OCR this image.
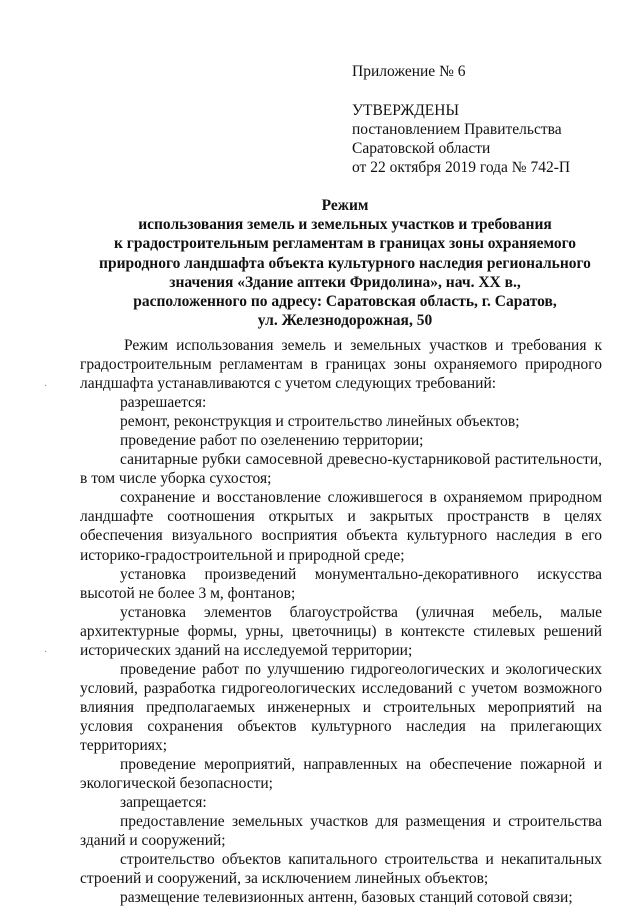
Приложение № 6
УТВЕРЖДЕНЫ
постановлением Правительства
Саратовской области
от 22 октября 2019 года № 742-П
Режим
использования земель и земельных участков и требования
к градостроительным регламентам в границах зоны охраняемого
природного ландшафта объекта культурного наследия регионального
значения «Здание аптеки Фридолина», нач. XX в.,
расположенного по адресу: Саратовская область, г. Саратов,
ул. Железнодорожная, 50

Режим использования земель и земельных участков и требования к градостроительным регламентам в границах зоны охраняемого природного ландшафта устанавливаются с учетом следующих требований:

разрешается:

ремонт, реконструкция и строительство линейных объектов;

проведение работ по озеленению территории;

санитарные рубки самосевной древесно-кустарниковой растительности, в том числе уборка сухостоя;

сохранение и восстановление сложившегося в охраняемом природном ландшафте соотношения открытых и закрытых пространств в целях обеспечения визуального восприятия объекта культурного наследия в его историко-градостроительной и природной среде;

установка произведений монументально-декоративного искусства высотой не более 3 м, фонтанов;

установка элементов благоустройства (уличная мебель, малые архитектурные формы, урны, цветочницы) в контексте стилевых решений исторических зданий на исследуемой территории;

проведение работ по улучшению гидрогеологических и экологических условий, разработка гидрогеологических исследований с учетом возможного влияния предполагаемых инженерных и строительных мероприятий на условия сохранения объектов культурного наследия на прилегающих территориях;

проведение мероприятий, направленных на обеспечение пожарной и экологической безопасности;

запрещается:

предоставление земельных участков для размещения и строительства зданий и сооружений;

строительство объектов капитального строительства и некапитальных строений и сооружений, за исключением линейных объектов;

размещение телевизионных антенн, базовых станций сотовой связи;

·
·
